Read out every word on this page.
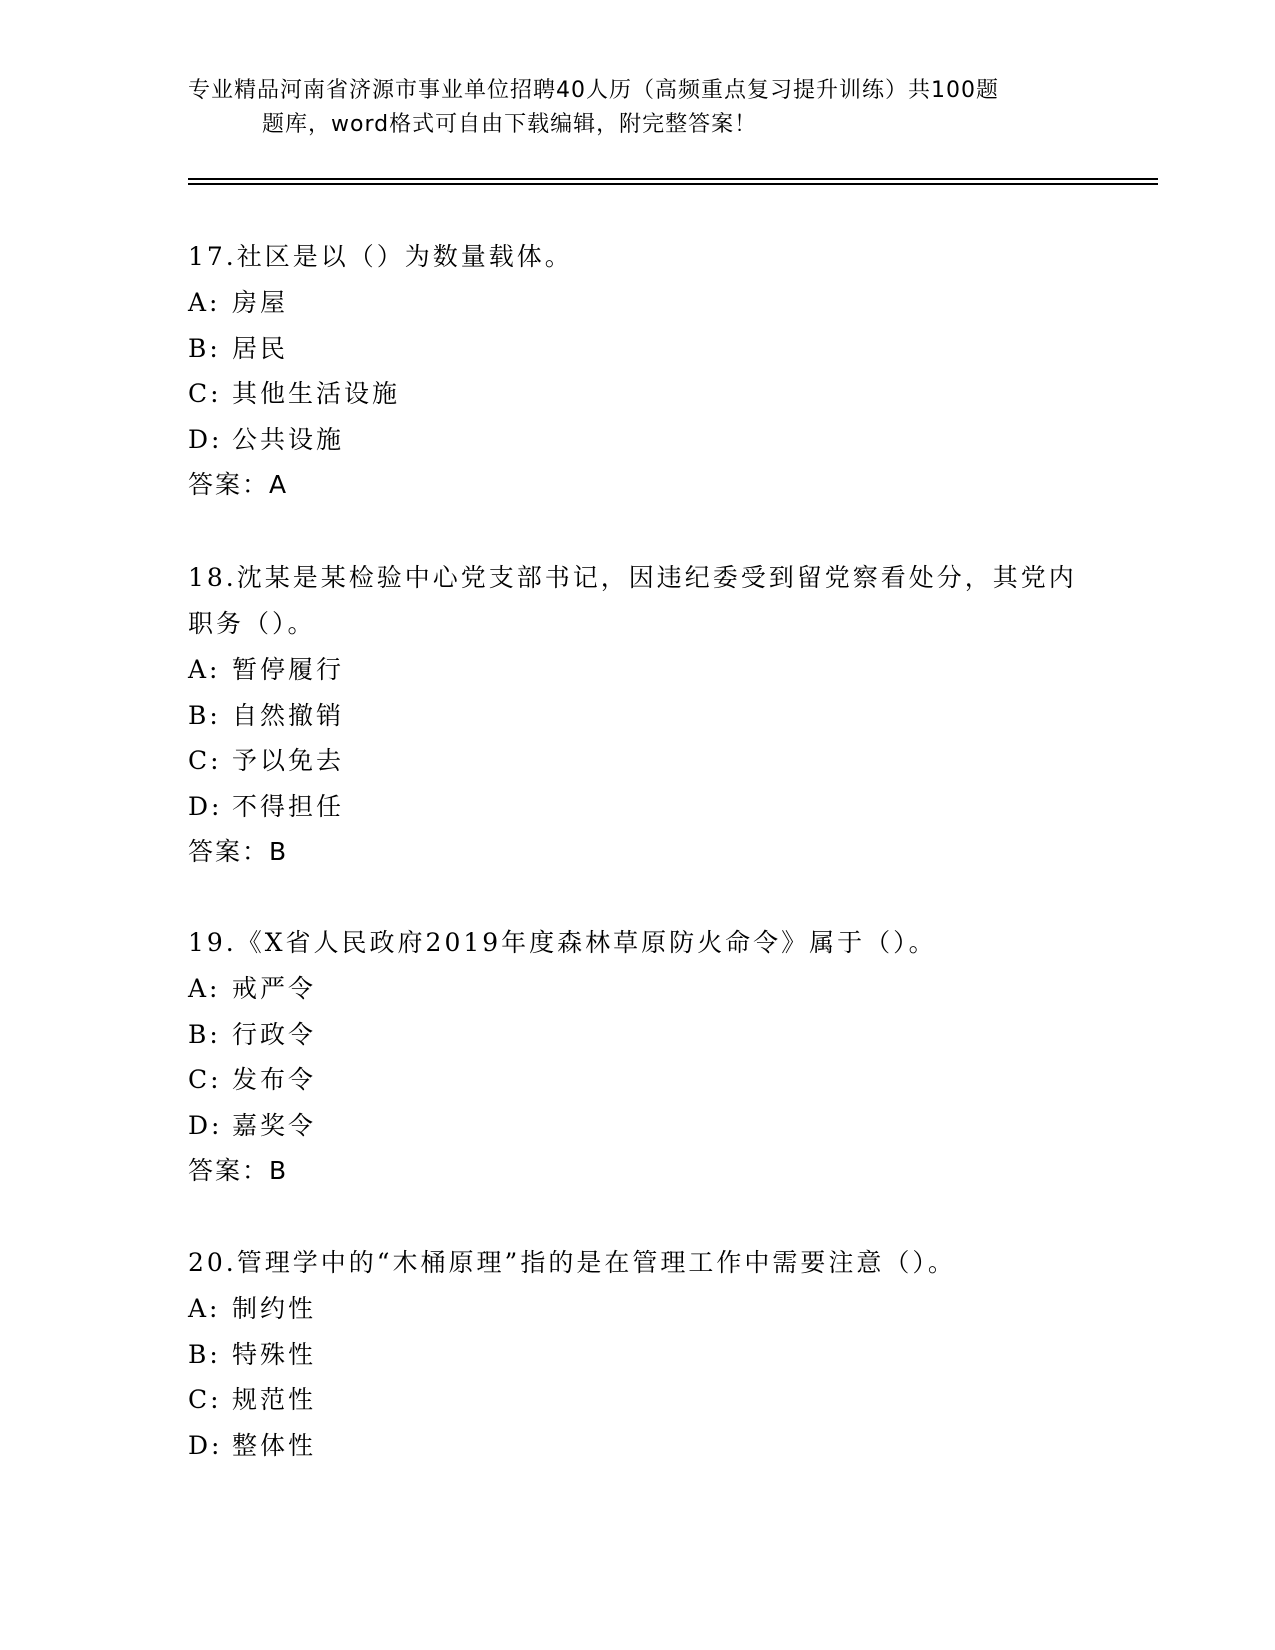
专业精品河南省济源市事业单位招聘40人历（高频重点复习提升训练）共100题
题库，word格式可自由下载编辑，附完整答案！
17.社区是以（）为数量载体。
A: 房屋
B: 居民
C: 其他生活设施
D: 公共设施
答案：A
18.沈某是某检验中心党支部书记，因违纪委受到留党察看处分，其党内职务（）。
A: 暂停履行
B: 自然撤销
C: 予以免去
D: 不得担任
答案：B
19.《X省人民政府2019年度森林草原防火命令》属于（）。
A: 戒严令
B: 行政令
C: 发布令
D: 嘉奖令
答案：B
20.管理学中的“木桶原理”指的是在管理工作中需要注意（）。
A: 制约性
B: 特殊性
C: 规范性
D: 整体性
